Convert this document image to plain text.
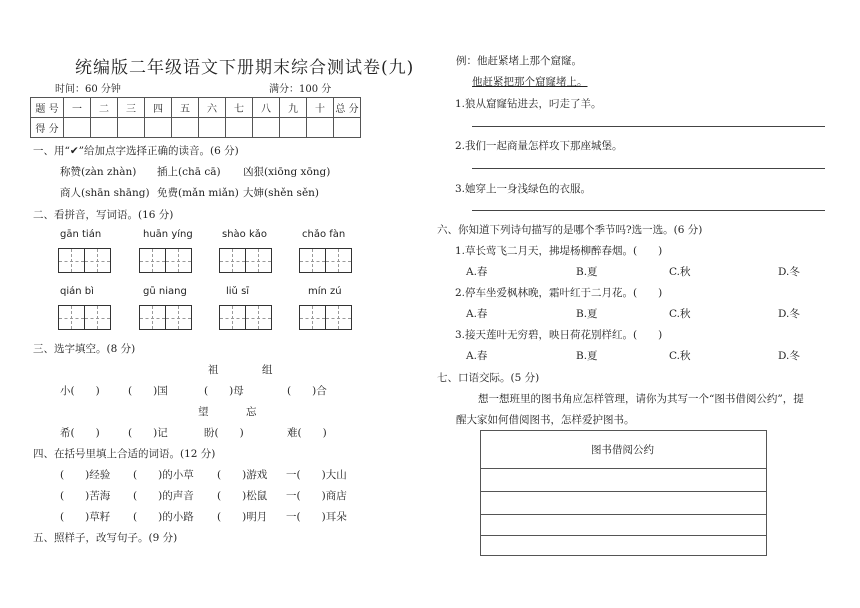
统编版二年级语文下册期末综合测试卷(九)
时间：60 分钟	满分：100 分
题 号	一	二	三	四	五	六	七	八	九	十	总 分
得 分											
一、用“✔”给加点字选择正确的读音。(6 分)
称赞(zàn zhàn) 插上(chā cā) 凶狠(xiōng xōng)
商人(shān shāng) 免费(mǎn miǎn) 大婶(shěn sěn)
二、看拼音，写词语。(16 分)
gān tián	huān yíng	shào kǎo	chǎo fàn
qián bì	gū niang	liǔ sī	mín zú
三、选字填空。(8 分)
祖	组
小(　　)	(　　)国	(　　)母	(　　)合
望	忘
希(　　)	(　　)记	盼(　　)	难(　　)
四、在括号里填上合适的词语。(12 分)
(　　)经验 (　　)的小草 (　　)游戏 一(　　)大山
(　　)苦海 (　　)的声音 (　　)松鼠 一(　　)商店
(　　)草籽 (　　)的小路 (　　)明月 一(　　)耳朵
五、照样子，改写句子。(9 分)
例：他赶紧堵上那个窟窿。
他赶紧把那个窟窿堵上。
1.狼从窟窿钻进去，叼走了羊。
2.我们一起商量怎样攻下那座城堡。
3.她穿上一身浅绿色的衣服。
六、你知道下列诗句描写的是哪个季节吗?选一选。(6 分)
1.草长莺飞二月天，拂堤杨柳醉春烟。(　　)
A.春	B.夏	C.秋	D.冬
2.停车坐爱枫林晚，霜叶红于二月花。(　　)
A.春	B.夏	C.秋	D.冬
3.接天莲叶无穷碧，映日荷花别样红。(　　)
A.春	B.夏	C.秋	D.冬
七、口语交际。(5 分)
想一想班里的图书角应怎样管理，请你为其写一个“图书借阅公约”，提
醒大家如何借阅图书，怎样爱护图书。
图书借阅公约
